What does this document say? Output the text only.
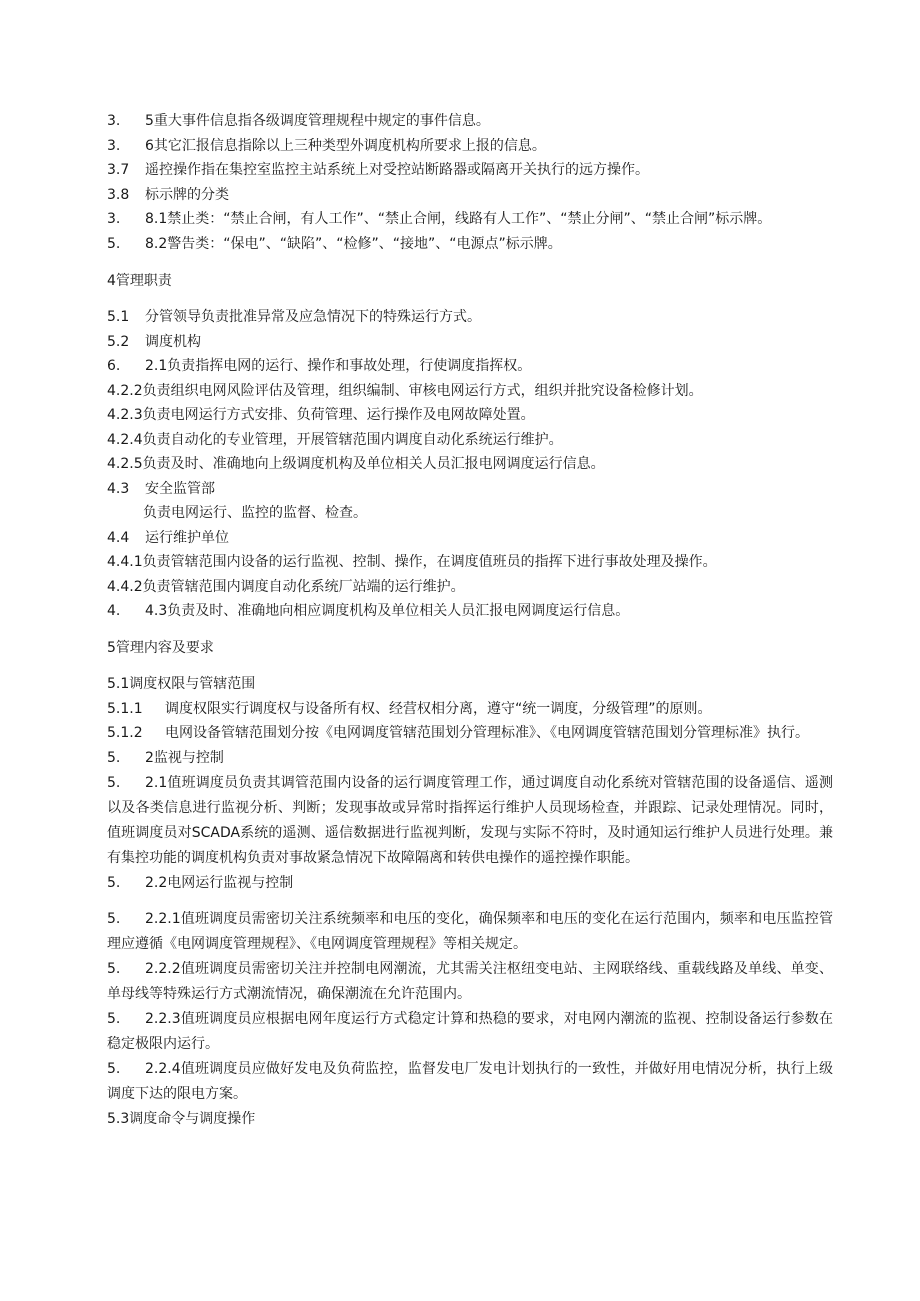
3. 5重大事件信息指各级调度管理规程中规定的事件信息。
3. 6其它汇报信息指除以上三种类型外调度机构所要求上报的信息。
3.7 遥控操作指在集控室监控主站系统上对受控站断路器或隔离开关执行的远方操作。
3.8 标示牌的分类
3. 8.1禁止类：“禁止合闸，有人工作”、“禁止合闸，线路有人工作”、“禁止分闸”、“禁止合闸”标示牌。
5. 8.2警告类：“保电”、“缺陷”、“检修”、“接地”、“电源点”标示牌。
4管理职责
5.1 分管领导负责批准异常及应急情况下的特殊运行方式。
5.2 调度机构
6. 2.1负责指挥电网的运行、操作和事故处理，行使调度指挥权。
4.2.2负责组织电网风险评估及管理，组织编制、审核电网运行方式，组织并批究设备检修计划。
4.2.3负责电网运行方式安排、负荷管理、运行操作及电网故障处置。
4.2.4负责自动化的专业管理，开展管辖范围内调度自动化系统运行维护。
4.2.5负责及时、准确地向上级调度机构及单位相关人员汇报电网调度运行信息。
4.3 安全监管部
负责电网运行、监控的监督、检查。
4.4 运行维护单位
4.4.1负责管辖范围内设备的运行监视、控制、操作，在调度值班员的指挥下进行事故处理及操作。
4.4.2负责管辖范围内调度自动化系统厂站端的运行维护。
4. 4.3负责及时、准确地向相应调度机构及单位相关人员汇报电网调度运行信息。
5管理内容及要求
5.1调度权限与管辖范围
5.1.1 调度权限实行调度权与设备所有权、经营权相分离，遵守“统一调度，分级管理”的原则。
5.1.2 电网设备管辖范围划分按《电网调度管辖范围划分管理标准》、《电网调度管辖范围划分管理标准》执行。
5. 2监视与控制
5. 2.1值班调度员负责其调管范围内设备的运行调度管理工作，通过调度自动化系统对管辖范围的设备遥信、遥测以及各类信息进行监视分析、判断；发现事故或异常时指挥运行维护人员现场检查，并跟踪、记录处理情况。同时，值班调度员对SCADA系统的遥测、遥信数据进行监视判断，发现与实际不符时，及时通知运行维护人员进行处理。兼有集控功能的调度机构负责对事故紧急情况下故障隔离和转供电操作的遥控操作职能。
5. 2.2电网运行监视与控制
5. 2.2.1值班调度员需密切关注系统频率和电压的变化，确保频率和电压的变化在运行范围内，频率和电压监控管理应遵循《电网调度管理规程》、《电网调度管理规程》等相关规定。
5. 2.2.2值班调度员需密切关注并控制电网潮流，尤其需关注枢纽变电站、主网联络线、重载线路及单线、单变、单母线等特殊运行方式潮流情况，确保潮流在允许范围内。
5. 2.2.3值班调度员应根据电网年度运行方式稳定计算和热稳的要求，对电网内潮流的监视、控制设备运行参数在稳定极限内运行。
5. 2.2.4值班调度员应做好发电及负荷监控，监督发电厂发电计划执行的一致性，并做好用电情况分析，执行上级调度下达的限电方案。
5.3调度命令与调度操作
